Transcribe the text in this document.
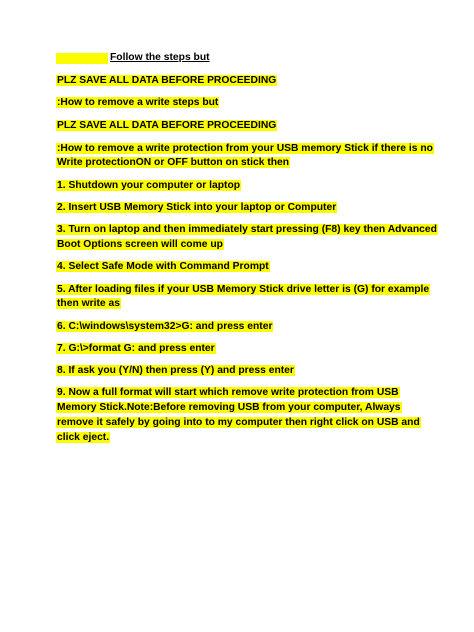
Follow the steps but
PLZ SAVE ALL DATA BEFORE PROCEEDING
:How to remove a write steps but
PLZ SAVE ALL DATA BEFORE PROCEEDING
:How to remove a write protection from your USB memory Stick if there is no
Write protectionON or OFF button on stick then
1. Shutdown your computer or laptop
2. Insert USB Memory Stick into your laptop or Computer
3. Turn on laptop and then immediately start pressing (F8) key then Advanced
Boot Options screen will come up
4. Select Safe Mode with Command Prompt
5. After loading files if your USB Memory Stick drive letter is (G) for example
then write as
6. C:\windows\system32>G: and press enter
7. G:\>format G: and press enter
8. If ask you (Y/N) then press (Y) and press enter
9. Now a full format will start which remove write protection from USB
Memory Stick.Note:Before removing USB from your computer, Always
remove it safely by going into to my computer then right click on USB and
click eject.
